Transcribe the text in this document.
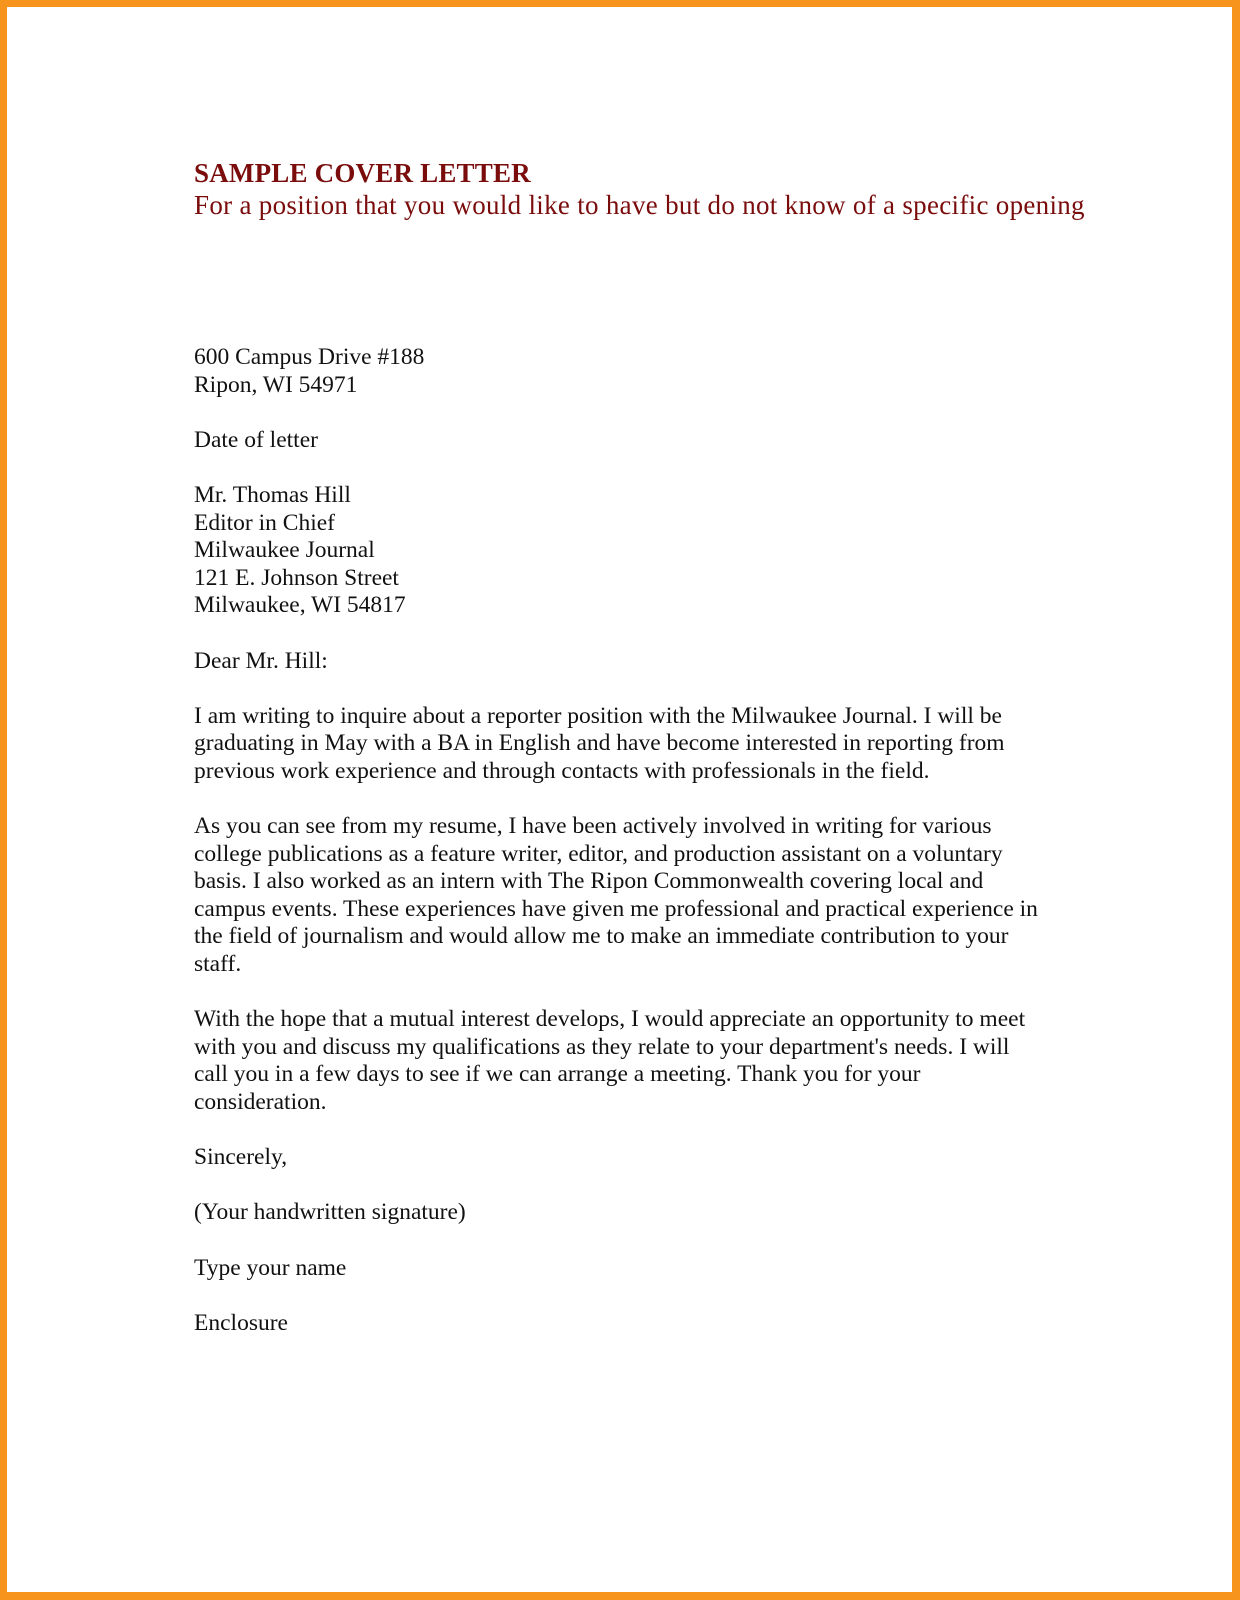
SAMPLE COVER LETTER

For a position that you would like to have but do not know of a specific opening

600 Campus Drive #188
Ripon, WI 54971
Date of letter
Mr. Thomas Hill
Editor in Chief
Milwaukee Journal
121 E. Johnson Street
Milwaukee, WI 54817
Dear Mr. Hill:
I am writing to inquire about a reporter position with the Milwaukee Journal. I will be
graduating in May with a BA in English and have become interested in reporting from
previous work experience and through contacts with professionals in the field.
As you can see from my resume, I have been actively involved in writing for various
college publications as a feature writer, editor, and production assistant on a voluntary
basis. I also worked as an intern with The Ripon Commonwealth covering local and
campus events. These experiences have given me professional and practical experience in
the field of journalism and would allow me to make an immediate contribution to your
staff.
With the hope that a mutual interest develops, I would appreciate an opportunity to meet
with you and discuss my qualifications as they relate to your department's needs. I will
call you in a few days to see if we can arrange a meeting. Thank you for your
consideration.
Sincerely,
(Your handwritten signature)
Type your name
Enclosure
